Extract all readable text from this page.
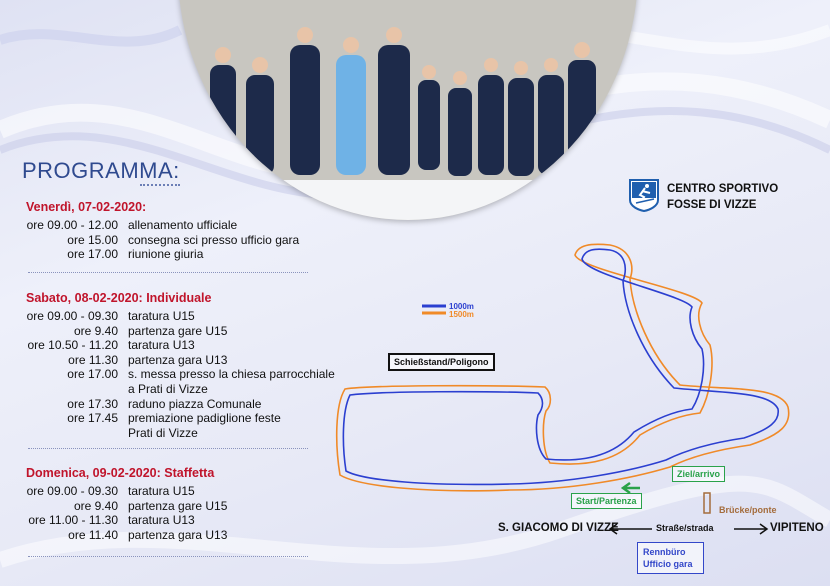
PROGRAMMA:
Venerdì, 07-02-2020:
ore 09.00 - 12.00 allenamento ufficiale
ore 15.00 consegna sci presso ufficio gara
ore 17.00 riunione giuria
Sabato, 08-02-2020: Individuale
ore 09.00 - 09.30 taratura U15
ore 9.40 partenza gare U15
ore 10.50 - 11.20 taratura U13
ore 11.30 partenza gara U13
ore 17.00 s. messa presso la chiesa parrocchiale
a Prati di Vizze
ore 17.30 raduno piazza Comunale
ore 17.45 premiazione padiglione feste
Prati di Vizze
Domenica, 09-02-2020: Staffetta
ore 09.00 - 09.30 taratura U15
ore 9.40 partenza gare U15
ore 11.00 - 11.30 taratura U13
ore 11.40 partenza gara U13
CENTRO SPORTIVO
FOSSE DI VIZZE
1000m
1500m
Schießstand/Poligono
Ziel/arrivo
Start/Partenza
Brücke/ponte
Rennbüro
Ufficio gara
S. GIACOMO DI VIZZE	Straße/strada	VIPITENO
